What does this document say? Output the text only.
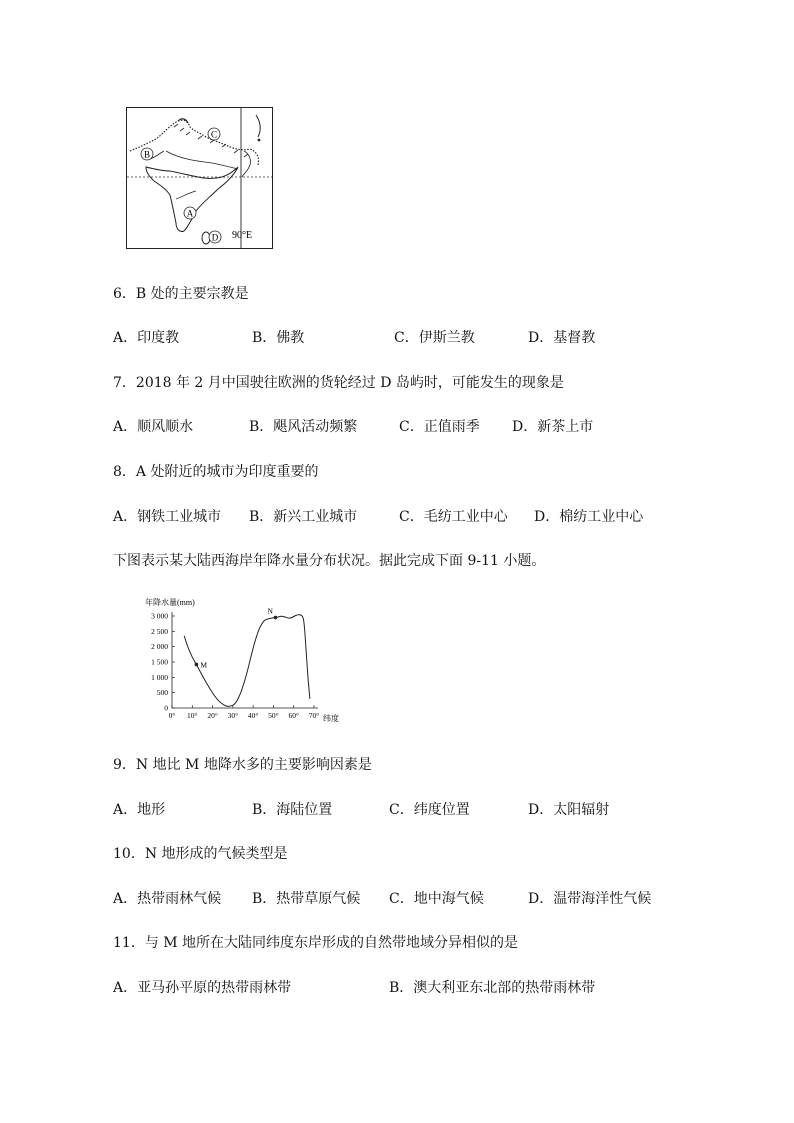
B
C
A
D 90°E
6．B 处的主要宗教是
A．印度教	B．佛教	C．伊斯兰教	D．基督教
7．2018 年 2 月中国驶往欧洲的货轮经过 D 岛屿时，可能发生的现象是
A．顺风顺水	B．飓风活动频繁	C．正值雨季 D．新茶上市
8．A 处附近的城市为印度重要的
A．钢铁工业城市 B．新兴工业城市	C．毛纺工业中心 D．棉纺工业中心
下图表示某大陆西海岸年降水量分布状况。据此完成下面 9-11 小题。
年降水量(mm)
纬度
0
500
1 000
1 500
2 000
2 500
3 000
0° 10° 20° 30° 40° 50° 60° 70°
M
N
9．N 地比 M 地降水多的主要影响因素是
A．地形	B．海陆位置	C．纬度位置	D．太阳辐射
10．N 地形成的气候类型是
A．热带雨林气候 B．热带草原气候 C．地中海气候	D．温带海洋性气候
11．与 M 地所在大陆同纬度东岸形成的自然带地域分异相似的是
A．亚马孙平原的热带雨林带	B．澳大利亚东北部的热带雨林带
